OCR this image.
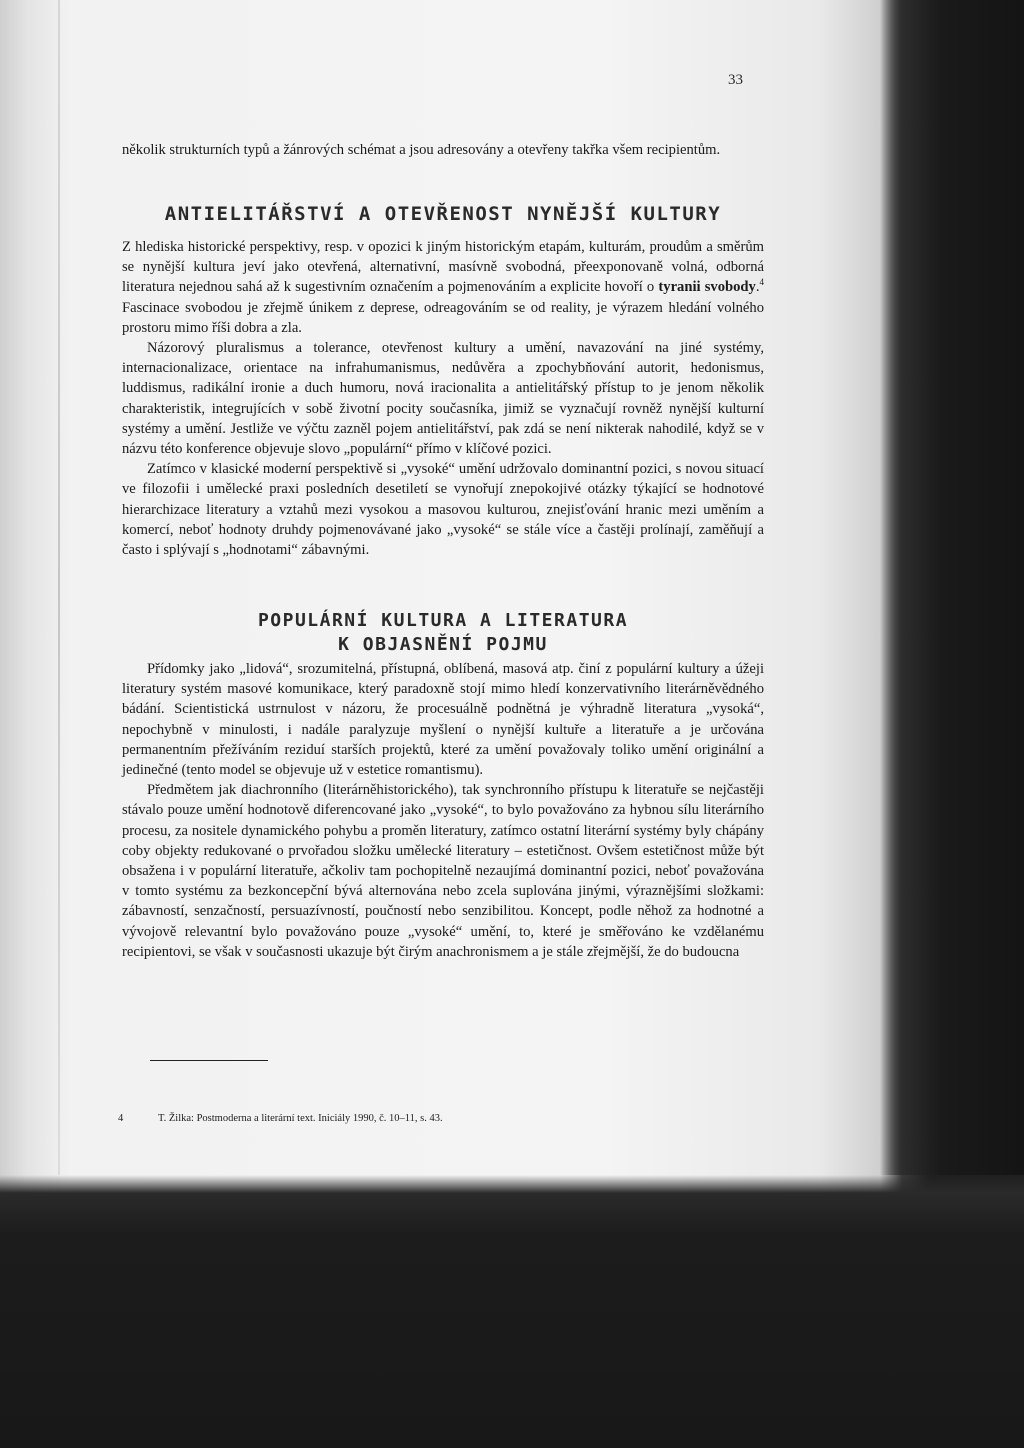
33

několik strukturních typů a žánrových schémat a jsou adresovány a otevřeny takřka všem recipientům.

ANTIELITÁŘSTVÍ A OTEVŘENOST NYNĚJŠÍ KULTURY

Z hlediska historické perspektivy, resp. v opozici k jiným historickým etapám, kulturám, proudům a směrům se nynější kultura jeví jako otevřená, alternativní, masívně svobodná, přeexponovaně volná, odborná literatura nejednou sahá až k sugestivním označením a pojmenováním a explicite hovoří o tyranii svobody.$^4$ Fascinace svobodou je zřejmě únikem z deprese, odreagováním se od reality, je výrazem hledání volného prostoru mimo říši dobra a zla.

Názorový pluralismus a tolerance, otevřenost kultury a umění, navazování na jiné systémy, internacionalizace, orientace na infrahumanismus, nedůvěra a zpochybňování autorit, hedonismus, luddismus, radikální ironie a duch humoru, nová iracionalita a antielitářský přístup to je jenom několik charakteristik, integrujících v sobě životní pocity současníka, jimiž se vyznačují rovněž nynější kulturní systémy a umění. Jestliže ve výčtu zazněl pojem antielitářství, pak zdá se není nikterak nahodilé, když se v názvu této konference objevuje slovo „populární“ přímo v klíčové pozici.

Zatímco v klasické moderní perspektivě si „vysoké“ umění udržovalo dominantní pozici, s novou situací ve filozofii i umělecké praxi posledních desetiletí se vynořují znepokojivé otázky týkající se hodnotové hierarchizace literatury a vztahů mezi vysokou a masovou kulturou, znejisťování hranic mezi uměním a komercí, neboť hodnoty druhdy pojmenovávané jako „vysoké“ se stále více a častěji prolínají, zaměňují a často i splývají s „hodnotami“ zábavnými.

POPULÁRNÍ KULTURA A LITERATURA
K OBJASNĚNÍ POJMU

Přídomky jako „lidová“, srozumitelná, přístupná, oblíbená, masová atp. činí z populární kultury a úžeji literatury systém masové komunikace, který paradoxně stojí mimo hledí konzervativního literárněvědného bádání. Scientistická ustrnulost v názoru, že procesuálně podnětná je výhradně literatura „vysoká“, nepochybně v minulosti, i nadále paralyzuje myšlení o nynější kultuře a literatuře a je určována permanentním přežíváním reziduí starších projektů, které za umění považovaly toliko umění originální a jedinečné (tento model se objevuje už v estetice romantismu).

Předmětem jak diachronního (literárněhistorického), tak synchronního přístupu k literatuře se nejčastěji stávalo pouze umění hodnotově diferencované jako „vysoké“, to bylo považováno za hybnou sílu literárního procesu, za nositele dynamického pohybu a proměn literatury, zatímco ostatní literární systémy byly chápány coby objekty redukované o prvořadou složku umělecké literatury – estetičnost. Ovšem estetičnost může být obsažena i v populární literatuře, ačkoliv tam pochopitelně nezaujímá dominantní pozici, neboť považována v tomto systému za bezkoncepční bývá alternována nebo zcela suplována jinými, výraznějšími složkami: zábavností, senzačností, persuazívností, poučností nebo senzibilitou. Koncept, podle něhož za hodnotné a vývojově relevantní bylo považováno pouze „vysoké“ umění, to, které je směřováno ke vzdělanému recipientovi, se však v současnosti ukazuje být čirým anachronismem a je stále zřejmější, že do budoucna

4	T. Žilka: Postmoderna a literární text. Iniciály 1990, č. 10–11, s. 43.
